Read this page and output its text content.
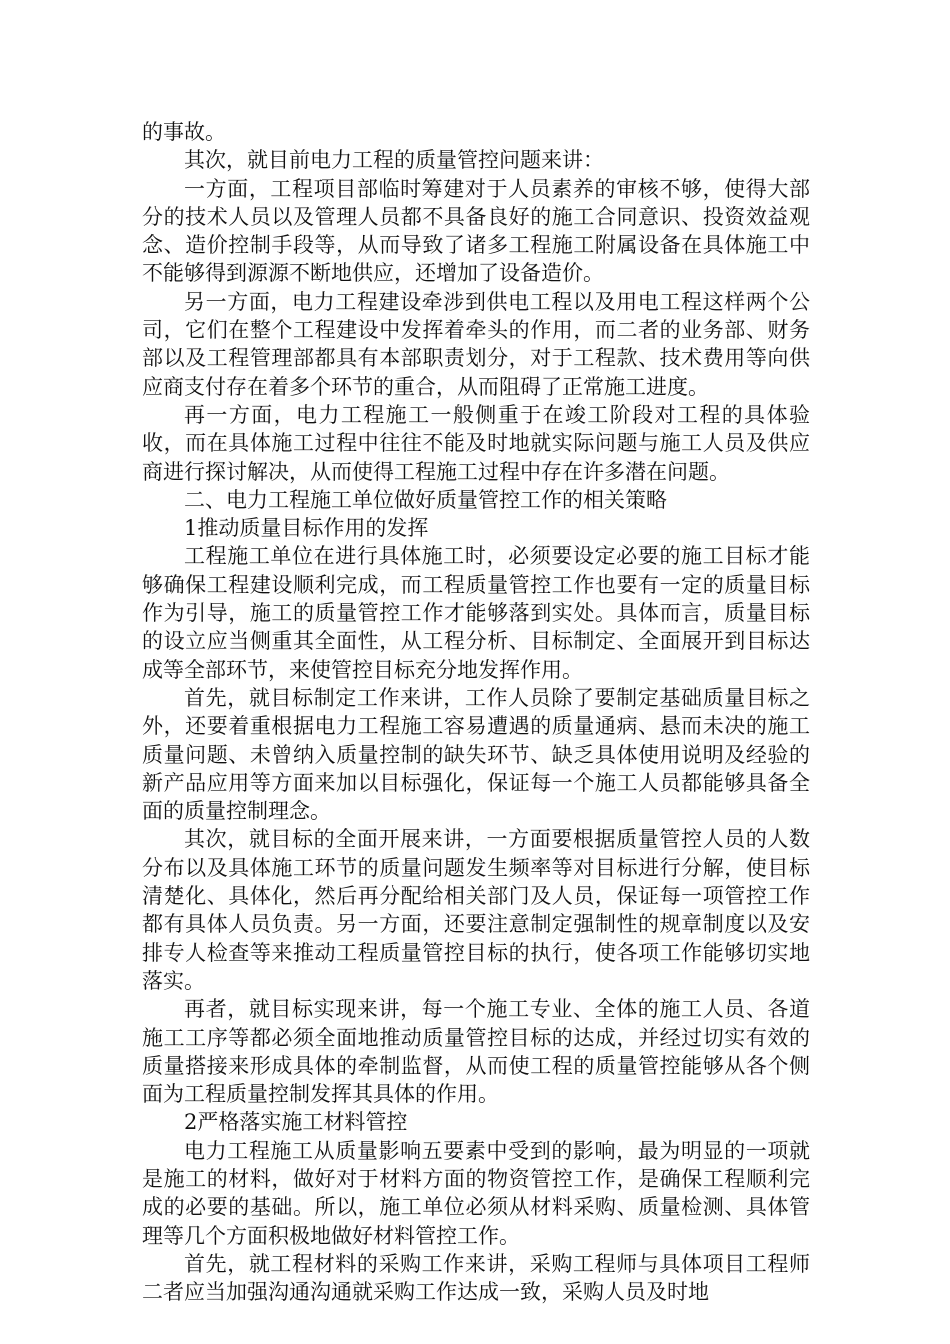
的事故。

其次，就目前电力工程的质量管控问题来讲：

一方面，工程项目部临时筹建对于人员素养的审核不够，使得大部分的技术人员以及管理人员都不具备良好的施工合同意识、投资效益观念、造价控制手段等，从而导致了诸多工程施工附属设备在具体施工中不能够得到源源不断地供应，还增加了设备造价。

另一方面，电力工程建设牵涉到供电工程以及用电工程这样两个公司，它们在整个工程建设中发挥着牵头的作用，而二者的业务部、财务部以及工程管理部都具有本部职责划分，对于工程款、技术费用等向供应商支付存在着多个环节的重合，从而阻碍了正常施工进度。

再一方面，电力工程施工一般侧重于在竣工阶段对工程的具体验收，而在具体施工过程中往往不能及时地就实际问题与施工人员及供应商进行探讨解决，从而使得工程施工过程中存在许多潜在问题。

二、电力工程施工单位做好质量管控工作的相关策略

1推动质量目标作用的发挥

工程施工单位在进行具体施工时，必须要设定必要的施工目标才能够确保工程建设顺利完成，而工程质量管控工作也要有一定的质量目标作为引导，施工的质量管控工作才能够落到实处。具体而言，质量目标的设立应当侧重其全面性，从工程分析、目标制定、全面展开到目标达成等全部环节，来使管控目标充分地发挥作用。

首先，就目标制定工作来讲，工作人员除了要制定基础质量目标之外，还要着重根据电力工程施工容易遭遇的质量通病、悬而未决的施工质量问题、未曾纳入质量控制的缺失环节、缺乏具体使用说明及经验的新产品应用等方面来加以目标强化，保证每一个施工人员都能够具备全面的质量控制理念。

其次，就目标的全面开展来讲，一方面要根据质量管控人员的人数分布以及具体施工环节的质量问题发生频率等对目标进行分解，使目标清楚化、具体化，然后再分配给相关部门及人员，保证每一项管控工作都有具体人员负责。另一方面，还要注意制定强制性的规章制度以及安排专人检查等来推动工程质量管控目标的执行，使各项工作能够切实地落实。

再者，就目标实现来讲，每一个施工专业、全体的施工人员、各道施工工序等都必须全面地推动质量管控目标的达成，并经过切实有效的质量搭接来形成具体的牵制监督，从而使工程的质量管控能够从各个侧面为工程质量控制发挥其具体的作用。

2严格落实施工材料管控

电力工程施工从质量影响五要素中受到的影响，最为明显的一项就是施工的材料，做好对于材料方面的物资管控工作，是确保工程顺利完成的必要的基础。所以，施工单位必须从材料采购、质量检测、具体管理等几个方面积极地做好材料管控工作。

首先，就工程材料的采购工作来讲，采购工程师与具体项目工程师二者应当加强沟通沟通就采购工作达成一致，采购人员及时地
